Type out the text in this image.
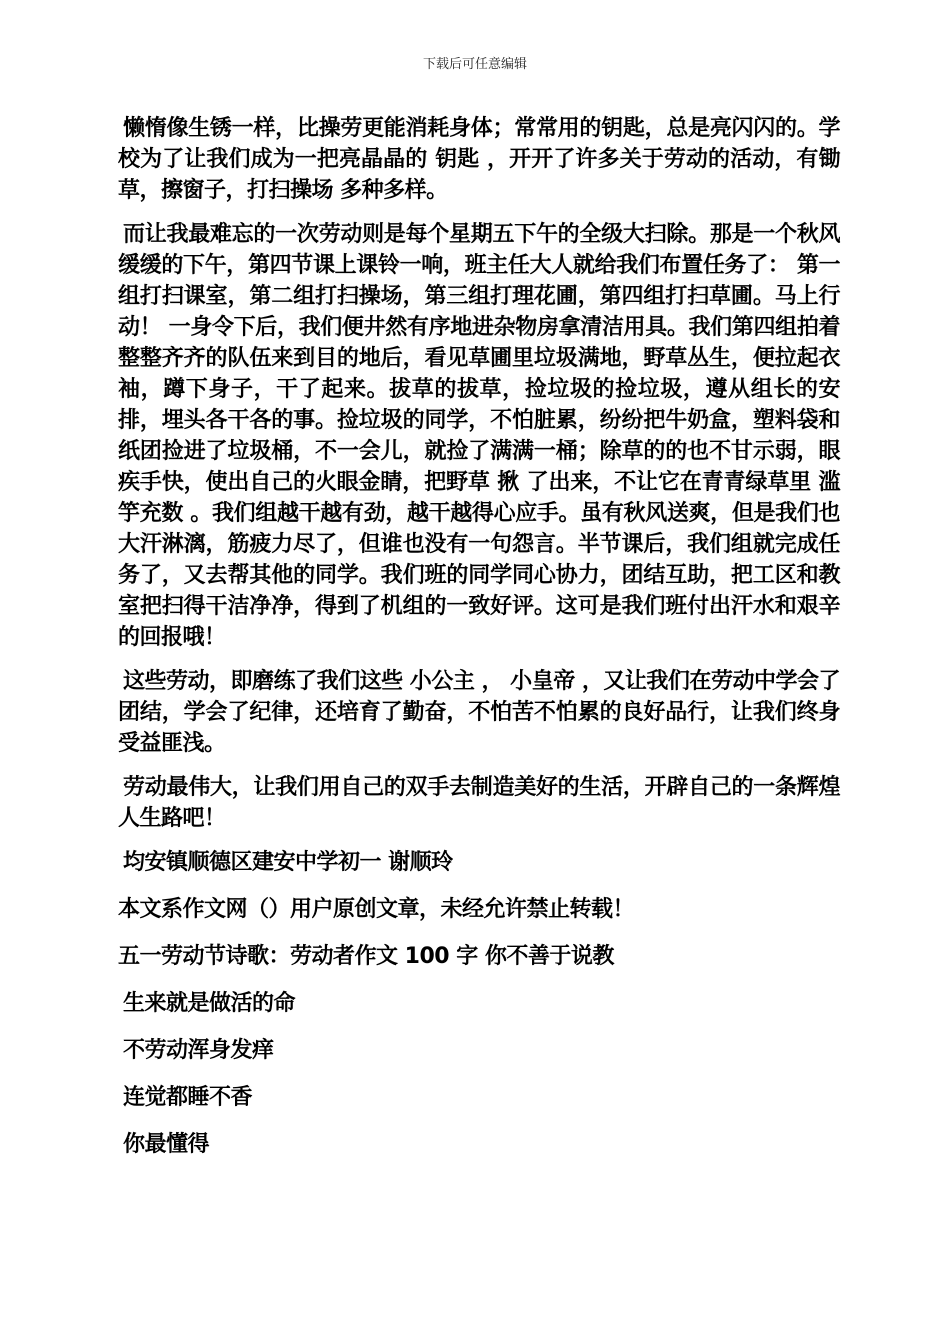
下载后可任意编辑

懒惰像生锈一样，比操劳更能消耗身体；常常用的钥匙，总是亮闪闪的。学校为了让我们成为一把亮晶晶的 钥匙 ，开开了许多关于劳动的活动，有锄草，擦窗子，打扫操场 多种多样。

而让我最难忘的一次劳动则是每个星期五下午的全级大扫除。那是一个秋风缓缓的下午，第四节课上课铃一响，班主任大人就给我们布置任务了： 第一组打扫课室，第二组打扫操场，第三组打理花圃，第四组打扫草圃。马上行动！ 一身令下后，我们便井然有序地进杂物房拿清洁用具。我们第四组拍着整整齐齐的队伍来到目的地后，看见草圃里垃圾满地，野草丛生，便拉起衣袖，蹲下身子，干了起来。拔草的拔草，捡垃圾的捡垃圾，遵从组长的安排，埋头各干各的事。捡垃圾的同学，不怕脏累，纷纷把牛奶盒，塑料袋和纸团捡进了垃圾桶，不一会儿，就捡了满满一桶；除草的的也不甘示弱，眼疾手快，使出自己的火眼金睛，把野草 揪 了出来，不让它在青青绿草里 滥竽充数 。我们组越干越有劲，越干越得心应手。虽有秋风送爽，但是我们也大汗淋漓，筋疲力尽了，但谁也没有一句怨言。半节课后，我们组就完成任务了，又去帮其他的同学。我们班的同学同心协力，团结互助，把工区和教室把扫得干洁净净，得到了机组的一致好评。这可是我们班付出汗水和艰辛的回报哦！

这些劳动，即磨练了我们这些 小公主 ， 小皇帝 ，又让我们在劳动中学会了团结，学会了纪律，还培育了勤奋，不怕苦不怕累的良好品行，让我们终身受益匪浅。

劳动最伟大，让我们用自己的双手去制造美好的生活，开辟自己的一条辉煌人生路吧！

均安镇顺德区建安中学初一 谢顺玲

本文系作文网（）用户原创文章，未经允许禁止转载！

五一劳动节诗歌：劳动者作文 100 字 你不善于说教

生来就是做活的命

不劳动浑身发痒

连觉都睡不香

你最懂得
